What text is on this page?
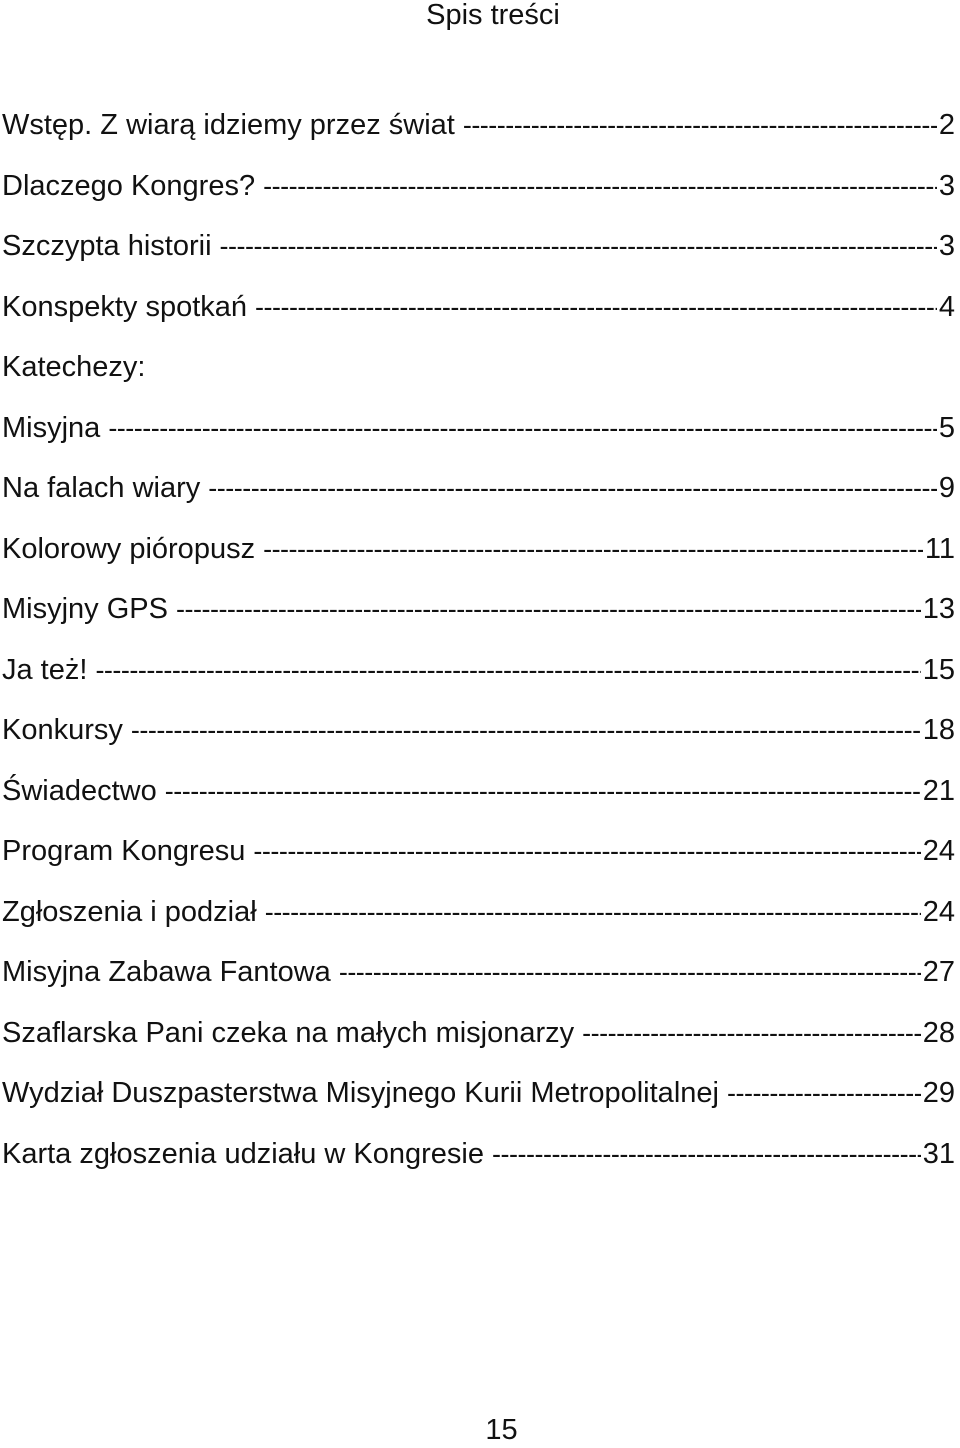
Spis treści
Wstęp. Z wiarą idziemy przez świat -----	2
Dlaczego Kongres? -----	3
Szczypta historii -----	3
Konspekty spotkań -----	4
Katechezy:
Misyjna -----	5
Na falach wiary -----	9
Kolorowy pióropusz -----	11
Misyjny GPS -----	13
Ja też! -----	15
Konkursy -----	18
Świadectwo -----	21
Program Kongresu -----	24
Zgłoszenia i podział -----	24
Misyjna Zabawa Fantowa -----	27
Szaflarska Pani czeka na małych misjonarzy -----	28
Wydział Duszpasterstwa Misyjnego Kurii Metropolitalnej -----	29
Karta zgłoszenia udziału w Kongresie -----	31
15
